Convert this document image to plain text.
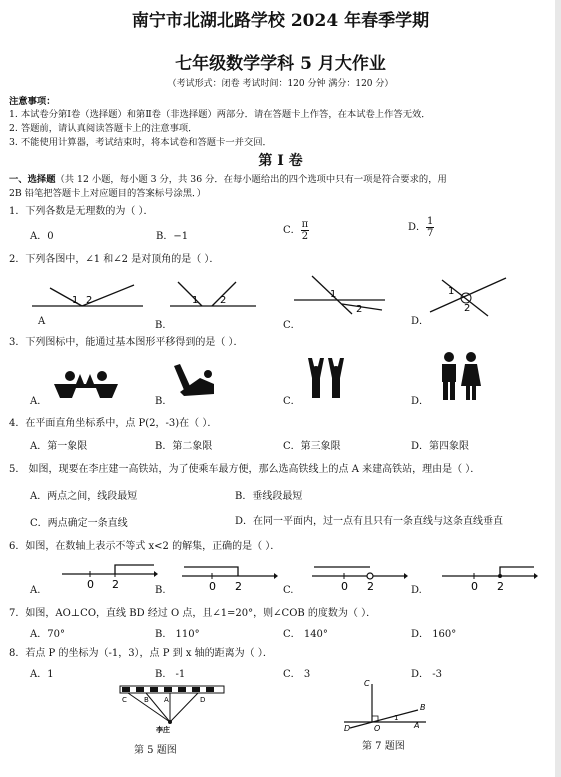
南宁市北湖北路学校 2024 年春季学期
七年级数学学科 5 月大作业
（考试形式：闭卷 考试时间：120 分钟 满分：120 分）
注意事项：
1. 本试卷分第Ⅰ卷（选择题）和第Ⅱ卷（非选择题）两部分．请在答题卡上作答，在本试卷上作答无效．
2. 答题前，请认真阅读答题卡上的注意事项．
3. 不能使用计算器，考试结束时，将本试卷和答题卡一并交回．
第 Ⅰ 卷
一、选择题（共 12 小题，每小题 3 分，共 36 分．在每小题给出的四个选项中只有一项是符合要求的，用
2B 铅笔把答题卡上对应题目的答案标号涂黑．）
1．下列各数是无理数的为（ ）．
A．0	B．−1
C． $\frac{\pi}{2}$	D． $\frac{1}{7}$
2．下列各图中，∠1 和∠2 是对顶角的是（ ）．
1 2
A
1 2
B．
1
2
C．
1
2
D．
3．下列图标中，能通过基本图形平移得到的是（ ）．
A．	B．	C．	D．
4．在平面直角坐标系中，点 P(2，-3)在（ ）．
A．第一象限	B．第二象限	C．第三象限	D．第四象限
5． 如图，现要在李庄建一高铁站，为了使乘车最方便，那么选高铁线上的点 A 来建高铁站，理由是（ ）．
A．两点之间，线段最短	B．垂线段最短
C．两点确定一条直线	D．在同一平面内，过一点有且只有一条直线与这条直线垂直
6．如图，在数轴上表示不等式 x<2 的解集，正确的是（ ）．
A.	0 2	B.	0 2	C.	0 2	D.	0 2
7．如图，AO⊥CO，直线 BD 经过 O 点，且∠1=20°，则∠COB 的度数为（ ）．
A．70°	B． 110°	C． 140°	D． 160°
8．若点 P 的坐标为（-1，3），点 P 到 x 轴的距离为（ ）．
A．1	B． -1	C． 3	D． -3
C B A	D
李庄
第 5 题图
C
A
B
D	O
1
第 7 题图
